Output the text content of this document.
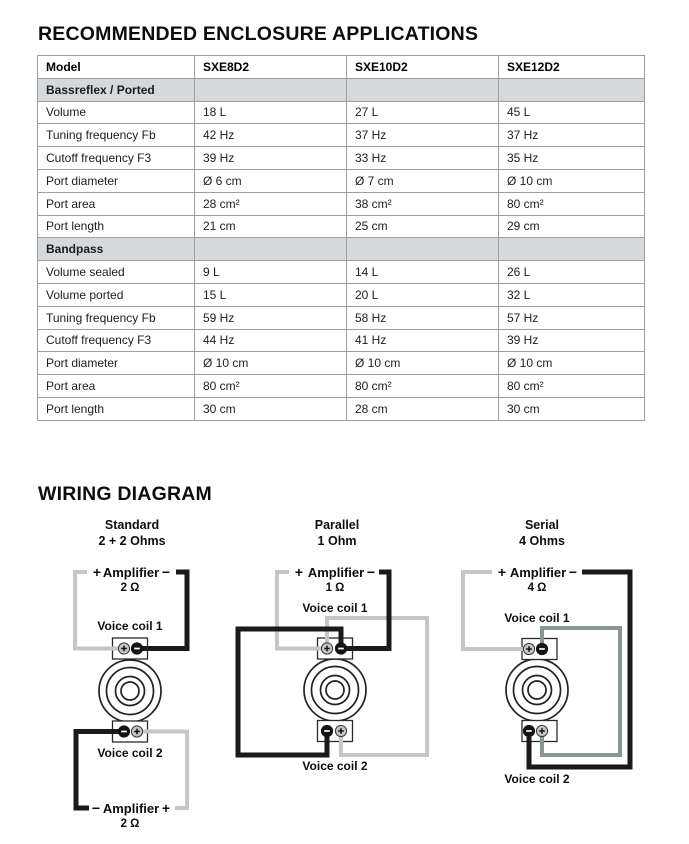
RECOMMENDED ENCLOSURE APPLICATIONS
Model	SXE8D2	SXE10D2	SXE12D2
Bassreflex / Ported			
Volume	18 L	27 L	45 L
Tuning frequency Fb	42 Hz	37 Hz	37 Hz
Cutoff frequency F3	39 Hz	33 Hz	35 Hz
Port diameter	Ø 6 cm	Ø 7 cm	Ø 10 cm
Port area	28 cm²	38 cm²	80 cm²
Port length	21 cm	25 cm	29 cm
Bandpass			
Volume sealed	9 L	14 L	26 L
Volume ported	15 L	20 L	32 L
Tuning frequency Fb	59 Hz	58 Hz	57 Hz
Cutoff frequency F3	44 Hz	41 Hz	39 Hz
Port diameter	Ø 10 cm	Ø 10 cm	Ø 10 cm
Port area	80 cm²	80 cm²	80 cm²
Port length	30 cm	28 cm	30 cm
WIRING DIAGRAM
Standard
2 + 2 Ohms
Parallel
1 Ohm
Serial
4 Ohms
+ Amplifier −
2 Ω
Voice coil 1
Voice coil 2
− Amplifier +
2 Ω
+ Amplifier −
1 Ω
Voice coil 1
Voice coil 2
+ Amplifier −
4 Ω
Voice coil 1
Voice coil 2
